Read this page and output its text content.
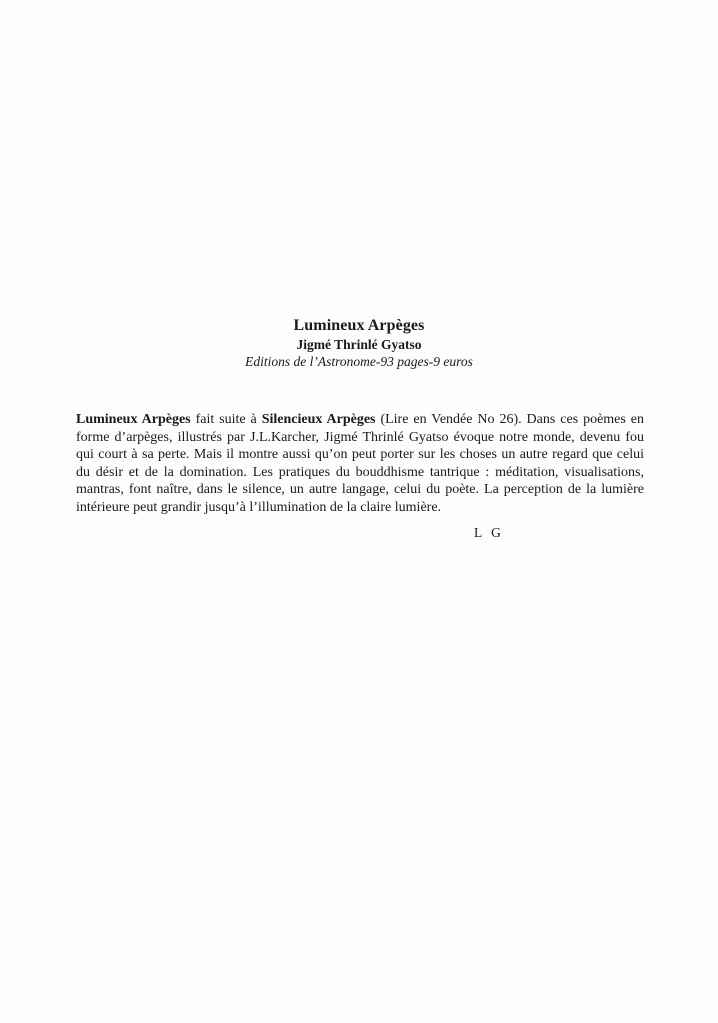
Lumineux Arpèges

Jigmé Thrinlé Gyatso

Editions de l’Astronome-93 pages-9 euros

Lumineux Arpèges fait suite à Silencieux Arpèges (Lire en Vendée No 26). Dans ces poèmes en forme d’arpèges, illustrés par J.L.Karcher, Jigmé Thrinlé Gyatso évoque notre monde, devenu fou qui court à sa perte. Mais il montre aussi qu’on peut porter sur les choses un autre regard que celui du désir et de la domination. Les pratiques du bouddhisme tantrique : méditation, visualisations, mantras, font naître, dans le silence, un autre langage, celui du poète. La perception de la lumière intérieure peut grandir jusqu’à l’illumination de la claire lumière.

L G
